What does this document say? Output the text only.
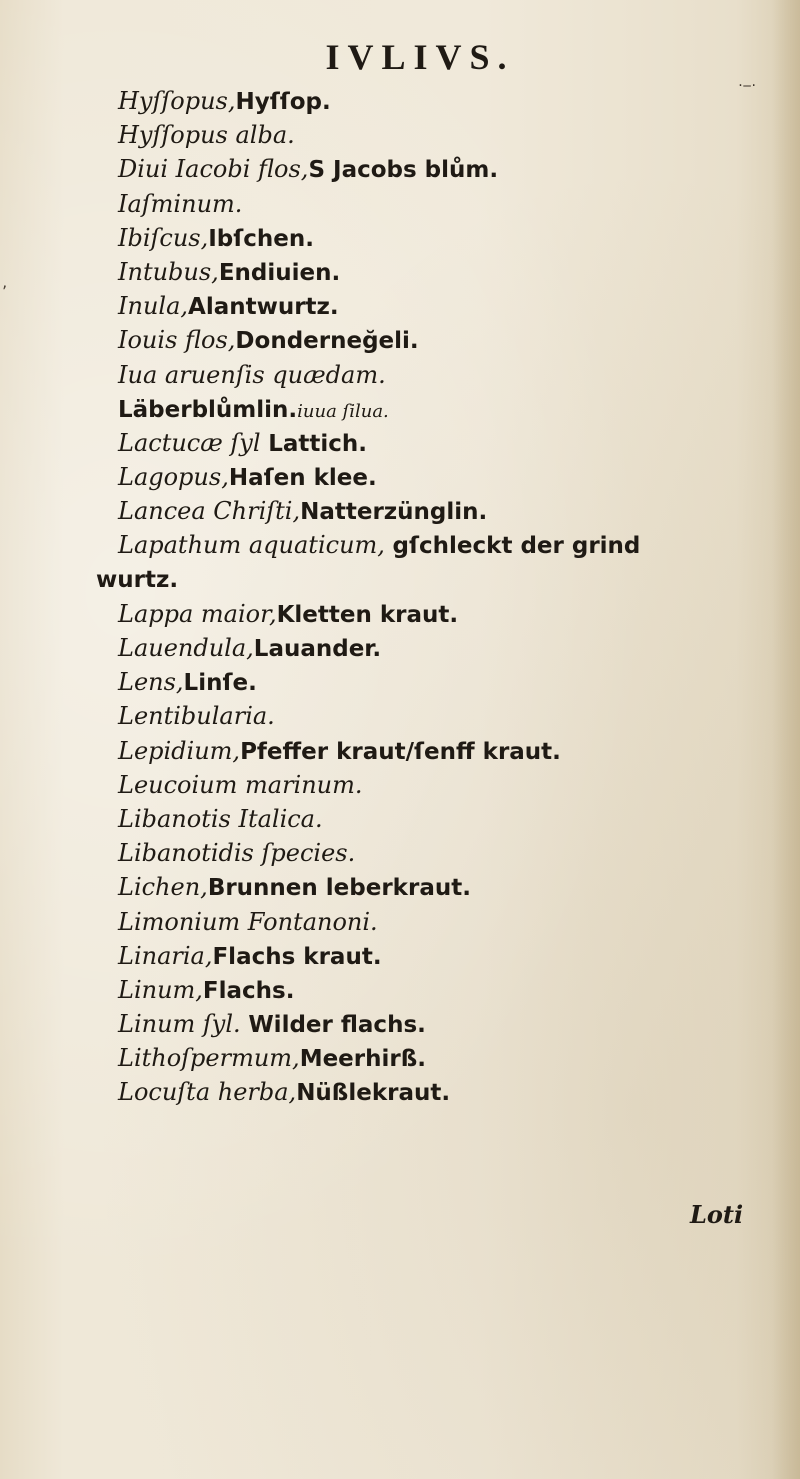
IVLIVS.
·‒·
’
Hyſſopus,Hyſſop.
Hyſſopus alba.
Diui Iacobi flos,S Jacobs blům.
Iaſminum.
Ibiſcus,Ibſchen.
Intubus,Endiuien.
Inula,Alantwurtz.
Iouis flos,Donderneğeli.
Iua aruenſis quædam.
Läberblůmlin.iuua ſilua.
Lactucæ ſyl Lattich.
Lagopus,Haſen klee.
Lancea Chriſti,Natterzünglin.
Lapathum aquaticum, gſchleckt der grind
wurtz.
Lappa maior,Kletten kraut.
Lauendula,Lauander.
Lens,Linſe.
Lentibularia.
Lepidium,Pfeffer kraut/ſenff kraut.
Leucoium marinum.
Libanotis Italica.
Libanotidis ſpecies.
Lichen,Brunnen leberkraut.
Limonium Fontanoni.
Linaria,Flachs kraut.
Linum,Flachs.
Linum ſyl. Wilder flachs.
Lithoſpermum,Meerhirß.
Locuſta herba,Nüßlekraut.
Loti
